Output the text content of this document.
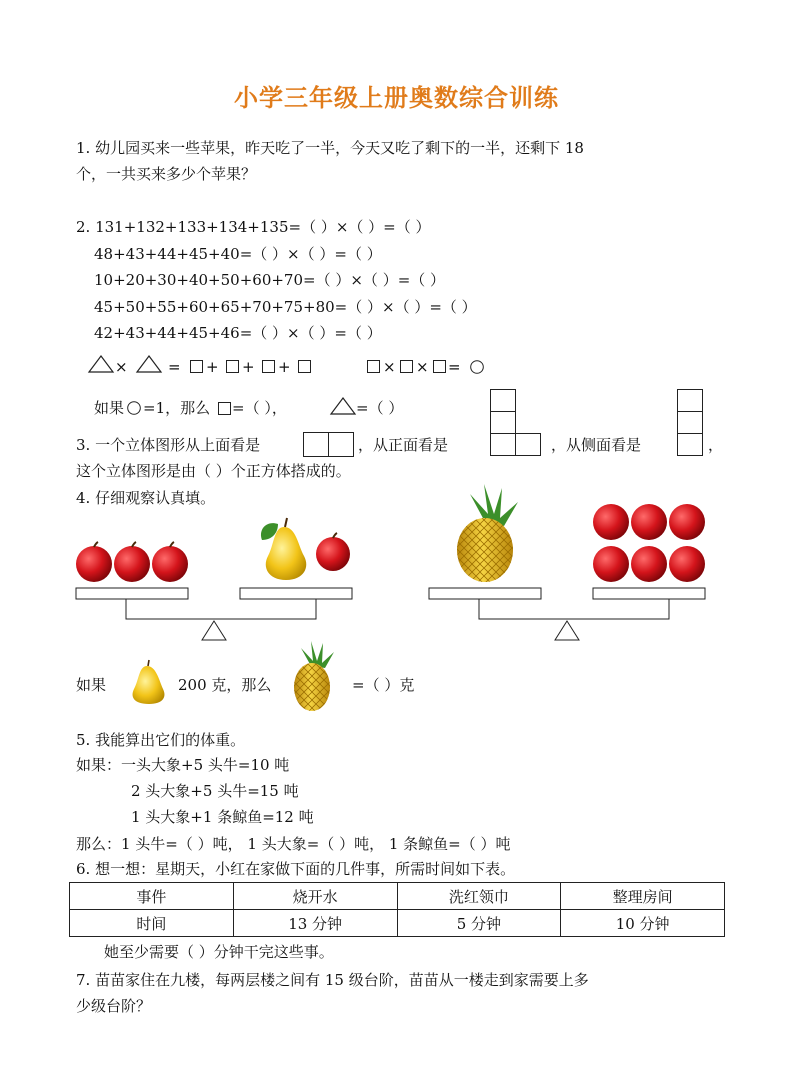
小学三年级上册奥数综合训练
1. 幼儿园买来一些苹果，昨天吃了一半，今天又吃了剩下的一半，还剩下 18
个，一共买来多少个苹果？
2. 131+132+133+134+135=（ ）×（ ）=（ ）
48+43+44+45+40=（ ）×（ ）=（ ）
10+20+30+40+50+60+70=（ ）×（ ）=（ ）
45+50+55+60+65+70+75+80=（ ）×（ ）=（ ）
42+43+44+45+46=（ ）×（ ）=（ ）
×	= + + +	× × =
如果 =1，那么 =（ ），	=（ ）
3. 一个立体图形从上面看是	，从正面看是	，从侧面看是	，
这个立体图形是由（ ）个正方体搭成的。
4. 仔细观察认真填。
如果	200 克，那么	=（ ）克
5. 我能算出它们的体重。
如果：一头大象+5 头牛=10 吨
2 头大象+5 头牛=15 吨
1 头大象+1 条鲸鱼=12 吨
那么：1 头牛=（ ）吨， 1 头大象=（ ）吨， 1 条鲸鱼=（ ）吨
6. 想一想：星期天，小红在家做下面的几件事，所需时间如下表。
事件	烧开水	洗红领巾	整理房间
时间	13 分钟	5 分钟	10 分钟
她至少需要（ ）分钟干完这些事。
7. 苗苗家住在九楼，每两层楼之间有 15 级台阶，苗苗从一楼走到家需要上多
少级台阶？
